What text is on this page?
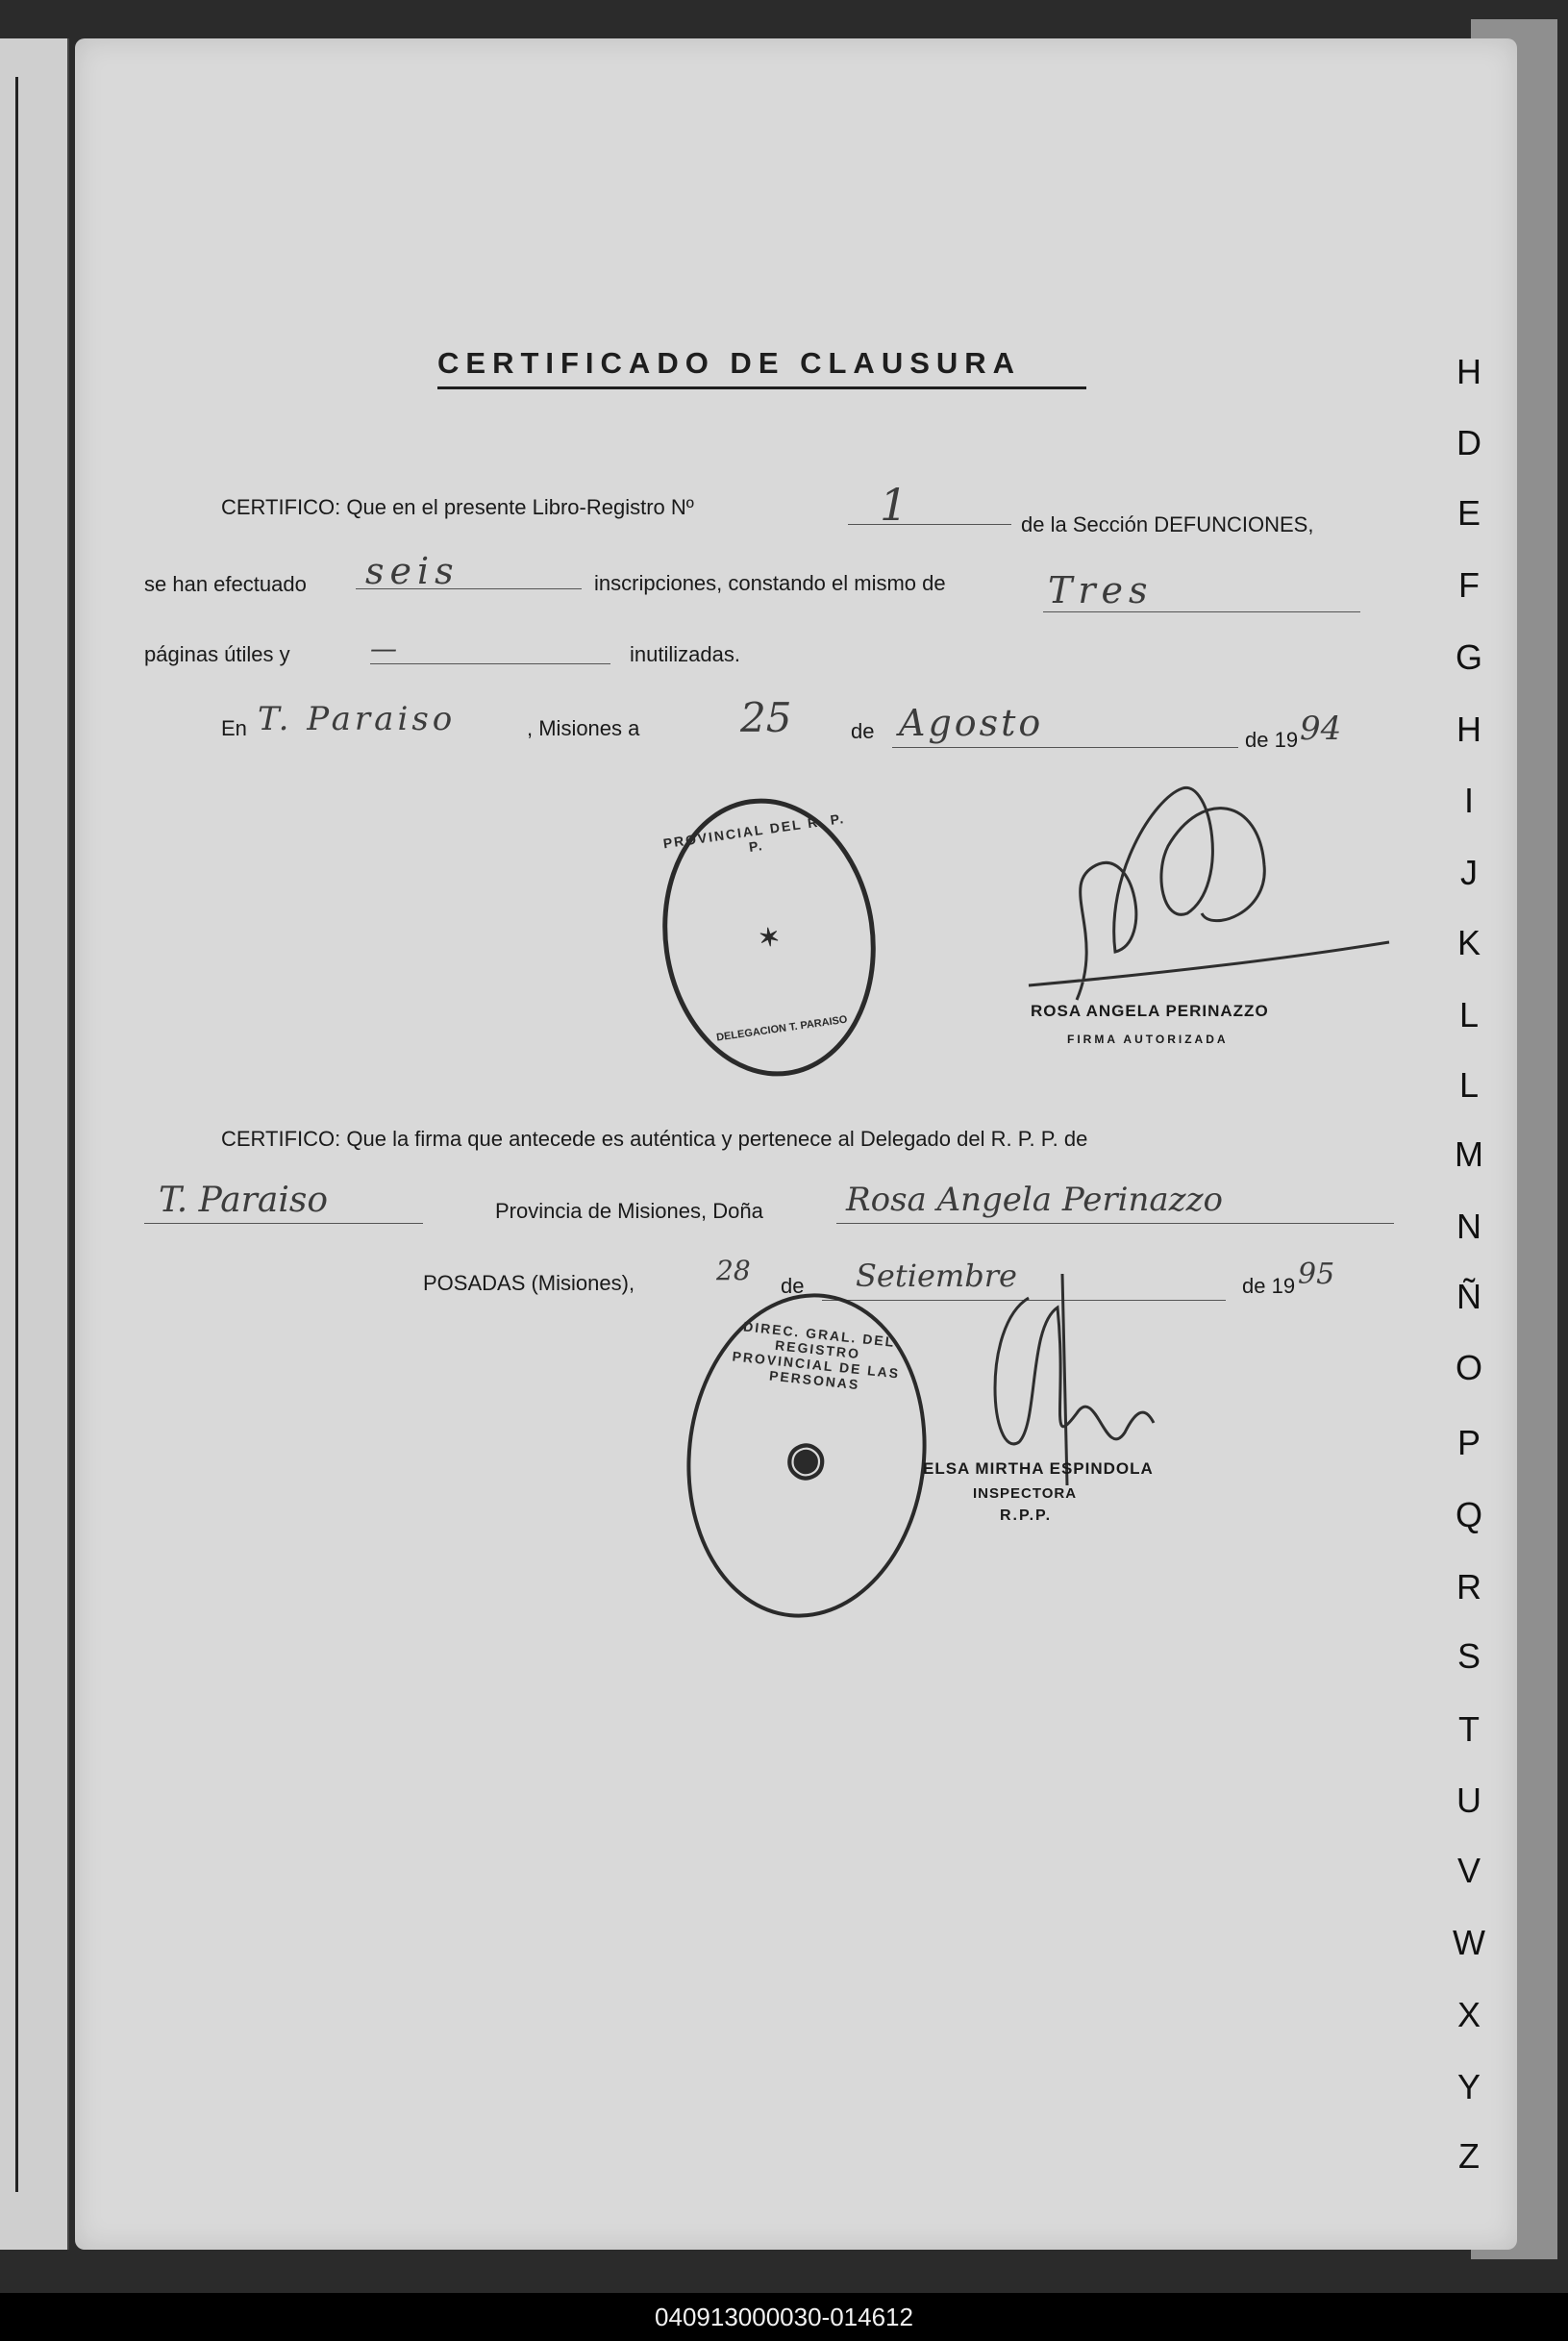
CERTIFICADO DE CLAUSURA
CERTIFICO: Que en el presente Libro-Registro Nº	1	de la Sección DEFUNCIONES,
se han efectuado seis	inscripciones, constando el mismo de	Tres
páginas útiles y	—	inutilizadas.
En T. Paraiso	, Misiones a 25	de Agosto	de 19 94
PROVINCIAL DEL R. P. P.
✶
DELEGACION T. PARAISO
ROSA ANGELA PERINAZZO
FIRMA AUTORIZADA
CERTIFICO: Que la firma que antecede es auténtica y pertenece al Delegado del R. P. P. de
T. Paraiso	Provincia de Misiones, Doña	Rosa Angela Perinazzo
POSADAS (Misiones),	28 de Setiembre	de 19 95
DIREC. GRAL. DEL REGISTRO PROVINCIAL DE LAS PERSONAS
◉	ELSA MIRTHA ESPINDOLA
INSPECTORA
R.P.P.
H
D
E
F
G
H
I
J
K
L
L
M
N
Ñ
O
P
Q
R
S
T
U
V
W
X
Y
Z
040913000030-014612
